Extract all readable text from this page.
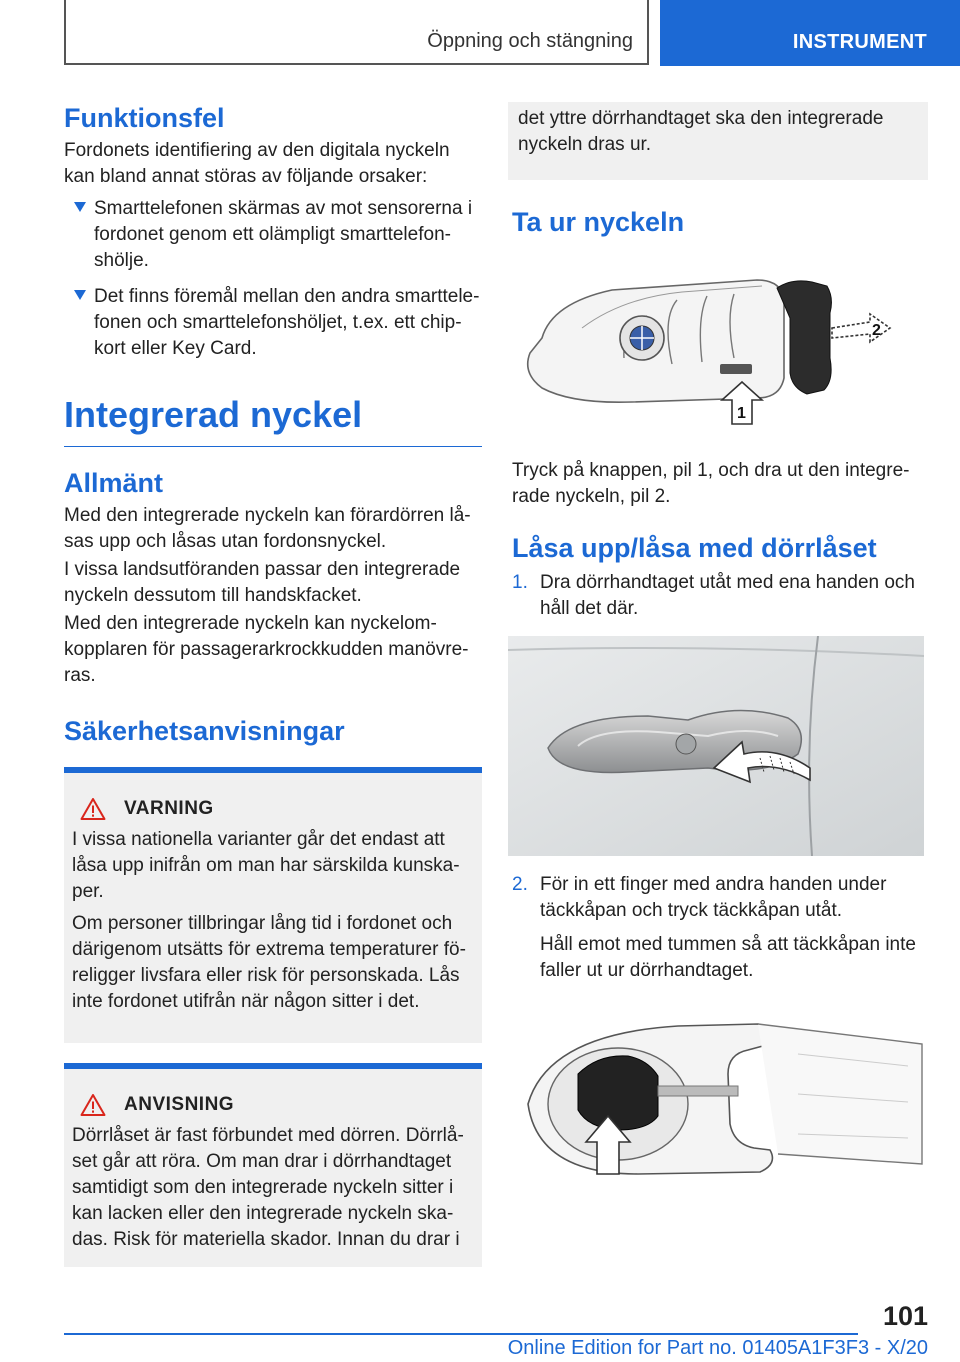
Öppning och stängning	INSTRUMENT
Funktionsfel

Fordonets identifiering av den digitala nyckeln kan bland annat störas av följande orsaker:

Smarttelefonen skärmas av mot sensorerna i fordonet genom ett olämpligt smarttelefonshölje.
Det finns föremål mellan den andra smarttelefonen och smarttelefonshöljet, t.ex. ett chipkort eller Key Card.
Integrerad nyckel
Allmänt

Med den integrerade nyckeln kan förardörren låsas upp och låsas utan fordonsnyckel.

I vissa landsutföranden passar den integrerade nyckeln dessutom till handskfacket.

Med den integrerade nyckeln kan nyckelomkopplaren för passagerarkrockkudden manövreras.

Säkerhetsanvisningar
VARNING

I vissa nationella varianter går det endast att låsa upp inifrån om man har särskilda kunskaper.

Om personer tillbringar lång tid i fordonet och därigenom utsätts för extrema temperaturer föreligger livsfara eller risk för personskada. Lås inte fordonet utifrån när någon sitter i det.

ANVISNING

Dörrlåset är fast förbundet med dörren. Dörrlåset går att röra. Om man drar i dörrhandtaget samtidigt som den integrerade nyckeln sitter i kan lacken eller den integrerade nyckeln skadas. Risk för materiella skador. Innan du drar i

det yttre dörrhandtaget ska den integrerade nyckeln dras ur.

Ta ur nyckeln
2
1

Tryck på knappen, pil 1, och dra ut den integrerade nyckeln, pil 2.

Låsa upp/låsa med dörrlåset
1. Dra dörrhandtaget utåt med ena handen och håll det där.
2. För in ett finger med andra handen under täckkåpan och tryck täckkåpan utåt.

Håll emot med tummen så att täckkåpan inte faller ut ur dörrhandtaget.

101
Online Edition for Part no. 01405A1F3F3 - X/20
